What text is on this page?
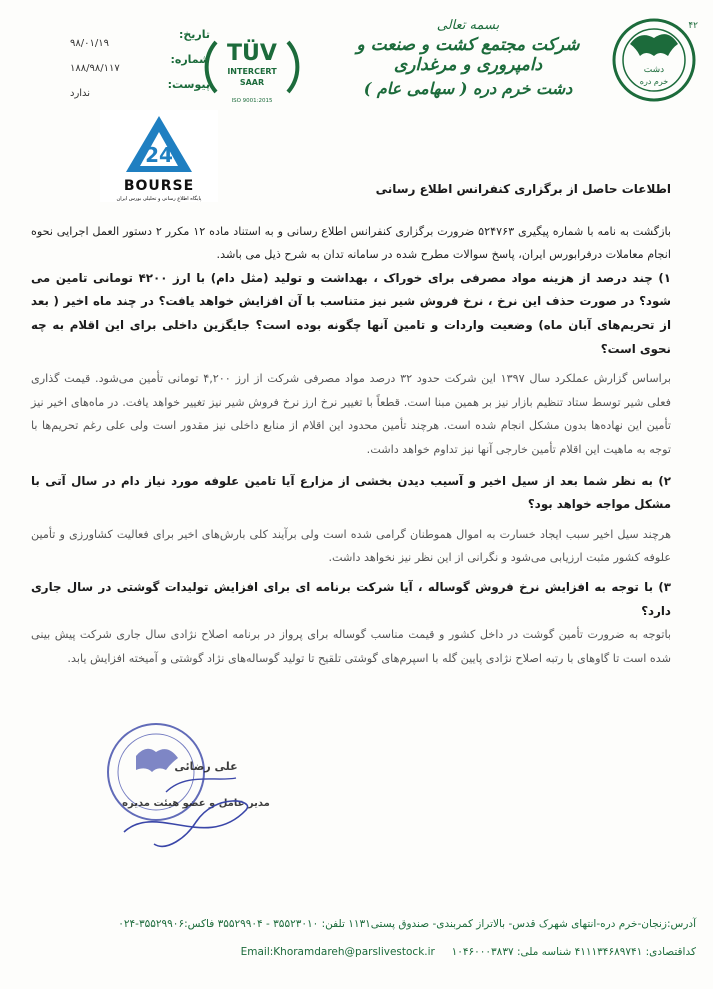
دشت
خرم دره
۴۲
بسمه تعالی
شرکت مجتمع کشت و صنعت و دامپروری و مرغداری
دشت خرم دره ( سهامی عام )
TÜV
INTERCERT
SAAR
ISO 9001:2015
تاریخ:
شماره:
پیوست:
۹۸/۰۱/۱۹
۱۸۸/۹۸/۱۱۷
ندارد
24
BOURSE
پایگاه اطلاع رسانی و تحلیلی بورس ایران

اطلاعات حاصل از برگزاری کنفرانس اطلاع رسانی

بازگشت به نامه با شماره پیگیری ۵۲۴۷۶۳ ضرورت برگزاری کنفرانس اطلاع رسانی و به استناد ماده ۱۲ مکرر ۲ دستور العمل اجرایی نحوه انجام معاملات درفرابورس ایران، پاسخ سوالات مطرح شده در سامانه تدان به شرح ذیل می باشد.

۱) چند درصد از هزینه مواد مصرفی برای خوراک ، بهداشت و تولید (مثل دام) با ارز ۴۲۰۰ تومانی تامین می شود؟ در صورت حذف این نرخ ، نرخ فروش شیر نیز متناسب با آن افزایش خواهد یافت؟ در چند ماه اخیر ( بعد از تحریم‌های آبان ماه) وضعیت واردات و تامین آنها چگونه بوده است؟ جایگزین داخلی برای این اقلام به چه نحوی است؟

براساس گزارش عملکرد سال ۱۳۹۷ این شرکت حدود ۳۲ درصد مواد مصرفی شرکت از ارز ۴,۲۰۰ تومانی تأمین می‌شود. قیمت گذاری فعلی شیر توسط ستاد تنظیم بازار نیز بر همین مبنا است. قطعاً با تغییر نرخ ارز نرخ فروش شیر نیز تغییر خواهد یافت. در ماه‌های اخیر نیز تأمین این نهاده‌ها بدون مشکل انجام شده است. هرچند تأمین محدود این اقلام از منابع داخلی نیز مقدور است ولی علی رغم تحریم‌ها با توجه به ماهیت این اقلام تأمین خارجی آنها نیز تداوم خواهد داشت.

۲) به نظر شما بعد از سیل اخیر و آسیب دیدن بخشی از مزارع آیا تامین علوفه مورد نیاز دام در سال آتی با مشکل مواجه خواهد بود؟

هرچند سیل اخیر سبب ایجاد خسارت به اموال هموطنان گرامی شده است ولی برآیند کلی بارش‌های اخیر برای فعالیت کشاورزی و تأمین علوفه کشور مثبت ارزیابی می‌شود و نگرانی از این نظر نیز نخواهد داشت.

۳) با توجه به افزایش نرخ فروش گوساله ، آیا شرکت برنامه ای برای افزایش تولیدات گوشتی در سال جاری دارد؟

باتوجه به ضرورت تأمین گوشت در داخل کشور و قیمت مناسب گوساله برای پرواز در برنامه اصلاح نژادی سال جاری شرکت پیش بینی شده است تا گاوهای با رتبه اصلاح نژادی پایین گله با اسپرم‌های گوشتی تلقیح تا تولید گوساله‌های نژاد گوشتی و آمیخته افزایش یابد.

علی رضائی
مدیر عامل و عضو هیئت مدیره
آدرس:زنجان-خرم دره-انتهای شهرک قدس- بالاتراز کمربندی- صندوق پستی۱۱۳۱ تلفن: ۳۵۵۲۳۰۱۰ - ۳۵۵۲۹۹۰۴ فاکس:۳۵۵۲۹۹۰۶-۰۲۴
کداقتصادی: ۴۱۱۱۳۴۶۸۹۷۴۱ شناسه ملی: ۱۰۴۶۰۰۰۳۸۳۷     Email:Khoramdareh@parslivestock.ir
